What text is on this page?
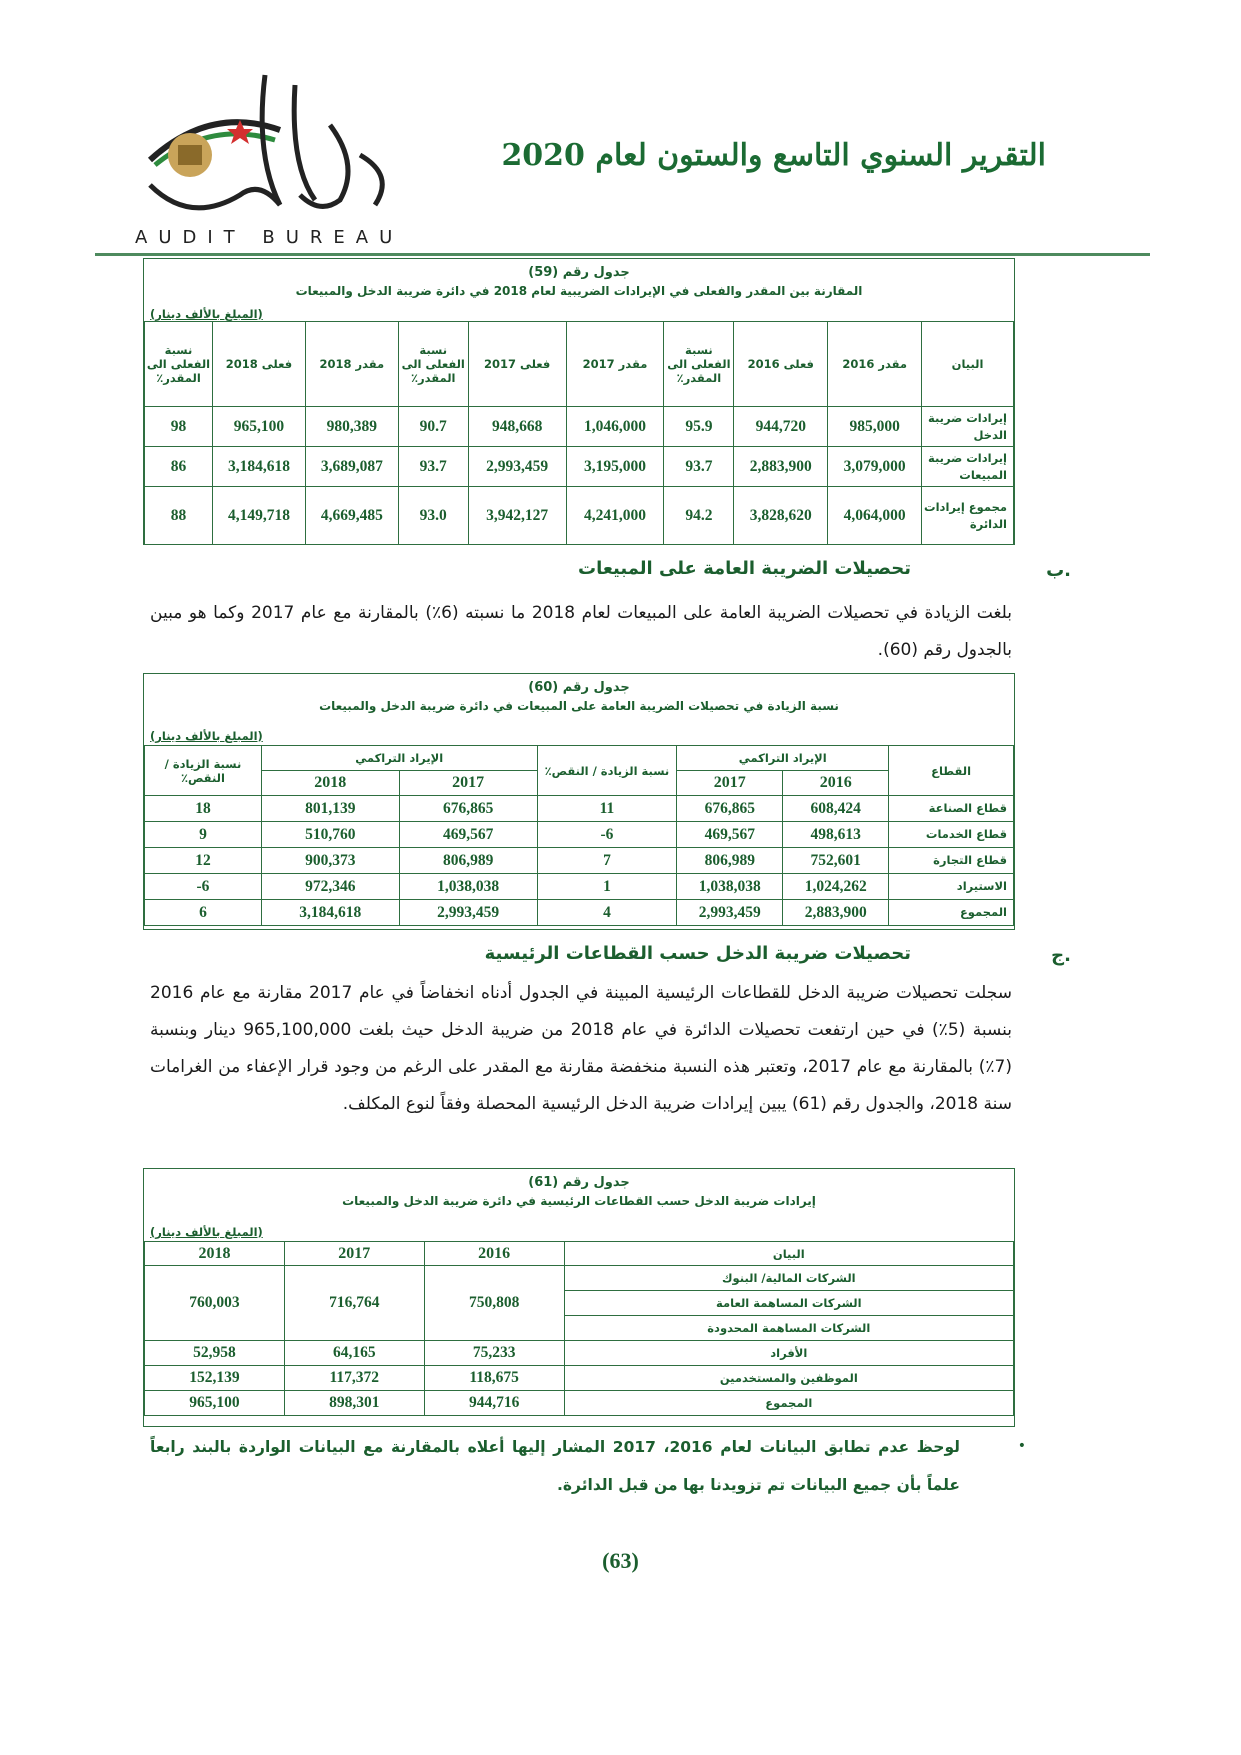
AUDIT BUREAU
التقرير السنوي التاسع والستون لعام 2020
جدول رقم (59)
المقارنة بين المقدر والفعلى في الإيرادات الضريبية لعام 2018 في دائرة ضريبة الدخل والمبيعات
(المبلغ بالألف دينار)
البيان	مقدر 2016	فعلى 2016	نسبة الفعلى الى المقدر٪	مقدر 2017	فعلى 2017	نسبة الفعلى الى المقدر٪	مقدر 2018	فعلى 2018	نسبة الفعلى الى المقدر٪
إيرادات ضريبة الدخل	985,000	944,720	95.9	1,046,000	948,668	90.7	980,389	965,100	98
إيرادات ضريبة المبيعات	3,079,000	2,883,900	93.7	3,195,000	2,993,459	93.7	3,689,087	3,184,618	86
مجموع إيرادات الدائرة	4,064,000	3,828,620	94.2	4,241,000	3,942,127	93.0	4,669,485	4,149,718	88
ب.
تحصيلات الضريبة العامة على المبيعات
بلغت الزيادة في تحصيلات الضريبة العامة على المبيعات لعام 2018 ما نسبته (6٪) بالمقارنة مع عام 2017 وكما هو مبين بالجدول رقم (60).
جدول رقم (60)
نسبة الزيادة في تحصيلات الضريبة العامة على المبيعات في دائرة ضريبة الدخل والمبيعات
(المبلغ بالألف دينار)
القطاع	الإيراد التراكمي		نسبة الزيادة / النقص٪	الإيراد التراكمي		نسبة الزيادة / النقص٪
	2016	2017		2017	2018	
قطاع الصناعة	608,424	676,865	11	676,865	801,139	18
قطاع الخدمات	498,613	469,567	6-	469,567	510,760	9
قطاع التجارة	752,601	806,989	7	806,989	900,373	12
الاستيراد	1,024,262	1,038,038	1	1,038,038	972,346	6-
المجموع	2,883,900	2,993,459	4	2,993,459	3,184,618	6
ج.
تحصيلات ضريبة الدخل حسب القطاعات الرئيسية
سجلت تحصيلات ضريبة الدخل للقطاعات الرئيسية المبينة في الجدول أدناه انخفاضاً في عام 2017 مقارنة مع عام 2016 بنسبة (5٪) في حين ارتفعت تحصيلات الدائرة في عام 2018 من ضريبة الدخل حيث بلغت 965,100,000 دينار وبنسبة (7٪) بالمقارنة مع عام 2017، وتعتبر هذه النسبة منخفضة مقارنة مع المقدر على الرغم من وجود قرار الإعفاء من الغرامات سنة 2018، والجدول رقم (61) يبين إيرادات ضريبة الدخل الرئيسية المحصلة وفقاً لنوع المكلف.
جدول رقم (61)
إيرادات ضريبة الدخل حسب القطاعات الرئيسية في دائرة ضريبة الدخل والمبيعات
(المبلغ بالألف دينار)
البيان	2016	2017	2018
الشركات المالية/ البنوك	750,808	716,764	760,003
الشركات المساهمة العامة			
الشركات المساهمة المحدودة			
الأفراد	75,233	64,165	52,958
الموظفين والمستخدمين	118,675	117,372	152,139
المجموع	944,716	898,301	965,100
•
لوحظ عدم تطابق البيانات لعام 2016، 2017 المشار إليها أعلاه بالمقارنة مع البيانات الواردة بالبند رابعاً علماً بأن جميع البيانات تم تزويدنا بها من قبل الدائرة.
(63)
